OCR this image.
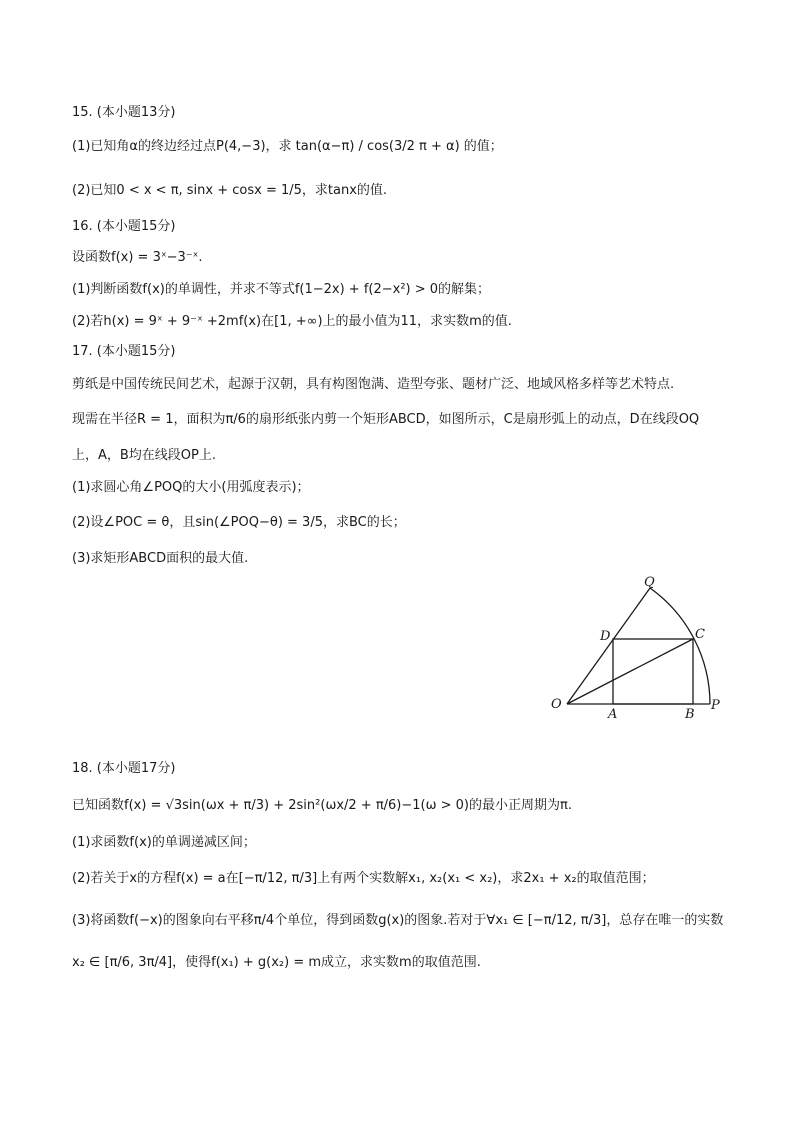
15. (本小题13分)
(1)已知角α的终边经过点P(4,−3)，求 tan(α−π) / cos(3/2 π + α) 的值；
(2)已知0 < x < π, sinx + cosx = 1/5，求tanx的值.
16. (本小题15分)
设函数f(x) = 3ˣ−3⁻ˣ.
(1)判断函数f(x)的单调性，并求不等式f(1−2x) + f(2−x²) > 0的解集；
(2)若h(x) = 9ˣ + 9⁻ˣ +2mf(x)在[1, +∞)上的最小值为11，求实数m的值.
17. (本小题15分)
剪纸是中国传统民间艺术，起源于汉朝，具有构图饱满、造型夸张、题材广泛、地域风格多样等艺术特点.
现需在半径R = 1，面积为π/6的扇形纸张内剪一个矩形ABCD，如图所示，C是扇形弧上的动点，D在线段OQ
上，A，B均在线段OP上.
(1)求圆心角∠POQ的大小(用弧度表示)；
(2)设∠POC = θ，且sin(∠POQ−θ) = 3/5，求BC的长；
(3)求矩形ABCD面积的最大值.
O
A	B
P
C
D
Q
18. (本小题17分)
已知函数f(x) = √3sin(ωx + π/3) + 2sin²(ωx/2 + π/6)−1(ω > 0)的最小正周期为π.
(1)求函数f(x)的单调递减区间；
(2)若关于x的方程f(x) = a在[−π/12, π/3]上有两个实数解x₁, x₂(x₁ < x₂)，求2x₁ + x₂的取值范围；
(3)将函数f(−x)的图象向右平移π/4个单位，得到函数g(x)的图象.若对于∀x₁ ∈ [−π/12, π/3]，总存在唯一的实数
x₂ ∈ [π/6, 3π/4]，使得f(x₁) + g(x₂) = m成立，求实数m的取值范围.
